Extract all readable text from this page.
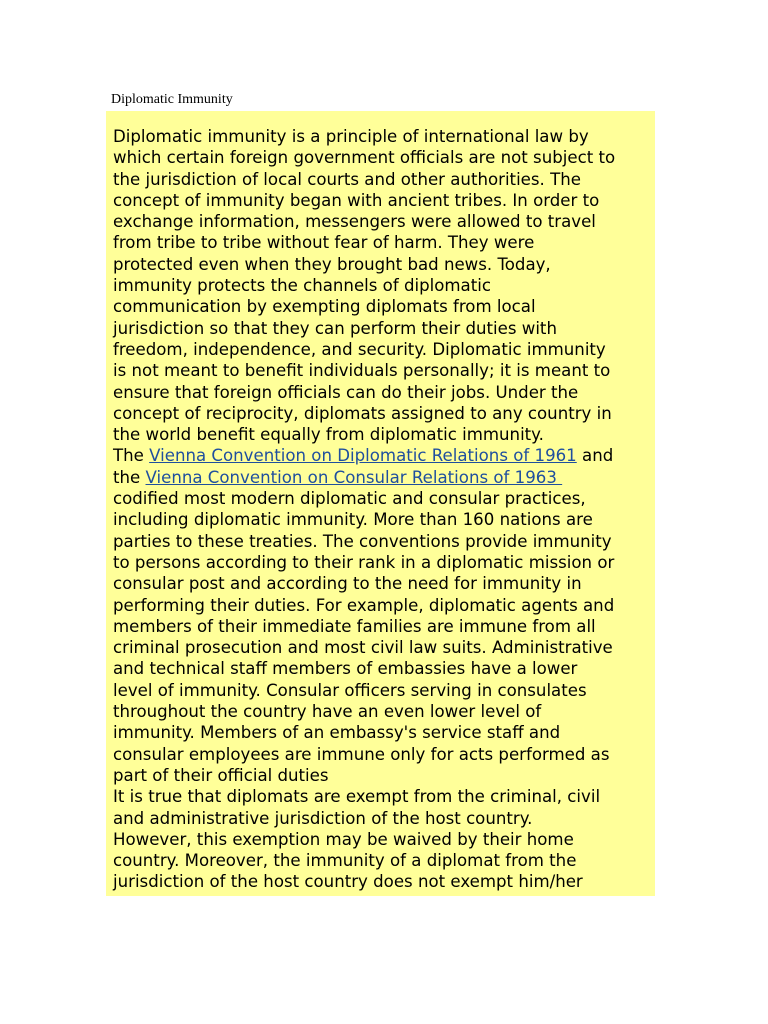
Diplomatic Immunity
Diplomatic immunity is a principle of international law by
which certain foreign government officials are not subject to
the jurisdiction of local courts and other authorities. The
concept of immunity began with ancient tribes. In order to
exchange information, messengers were allowed to travel
from tribe to tribe without fear of harm. They were
protected even when they brought bad news. Today,
immunity protects the channels of diplomatic
communication by exempting diplomats from local
jurisdiction so that they can perform their duties with
freedom, independence, and security. Diplomatic immunity
is not meant to benefit individuals personally; it is meant to
ensure that foreign officials can do their jobs. Under the
concept of reciprocity, diplomats assigned to any country in
the world benefit equally from diplomatic immunity.
The Vienna Convention on Diplomatic Relations of 1961 and
the Vienna Convention on Consular Relations of 1963
codified most modern diplomatic and consular practices,
including diplomatic immunity. More than 160 nations are
parties to these treaties. The conventions provide immunity
to persons according to their rank in a diplomatic mission or
consular post and according to the need for immunity in
performing their duties. For example, diplomatic agents and
members of their immediate families are immune from all
criminal prosecution and most civil law suits. Administrative
and technical staff members of embassies have a lower
level of immunity. Consular officers serving in consulates
throughout the country have an even lower level of
immunity. Members of an embassy's service staff and
consular employees are immune only for acts performed as
part of their official duties
It is true that diplomats are exempt from the criminal, civil
and administrative jurisdiction of the host country.
However, this exemption may be waived by their home
country. Moreover, the immunity of a diplomat from the
jurisdiction of the host country does not exempt him/her
